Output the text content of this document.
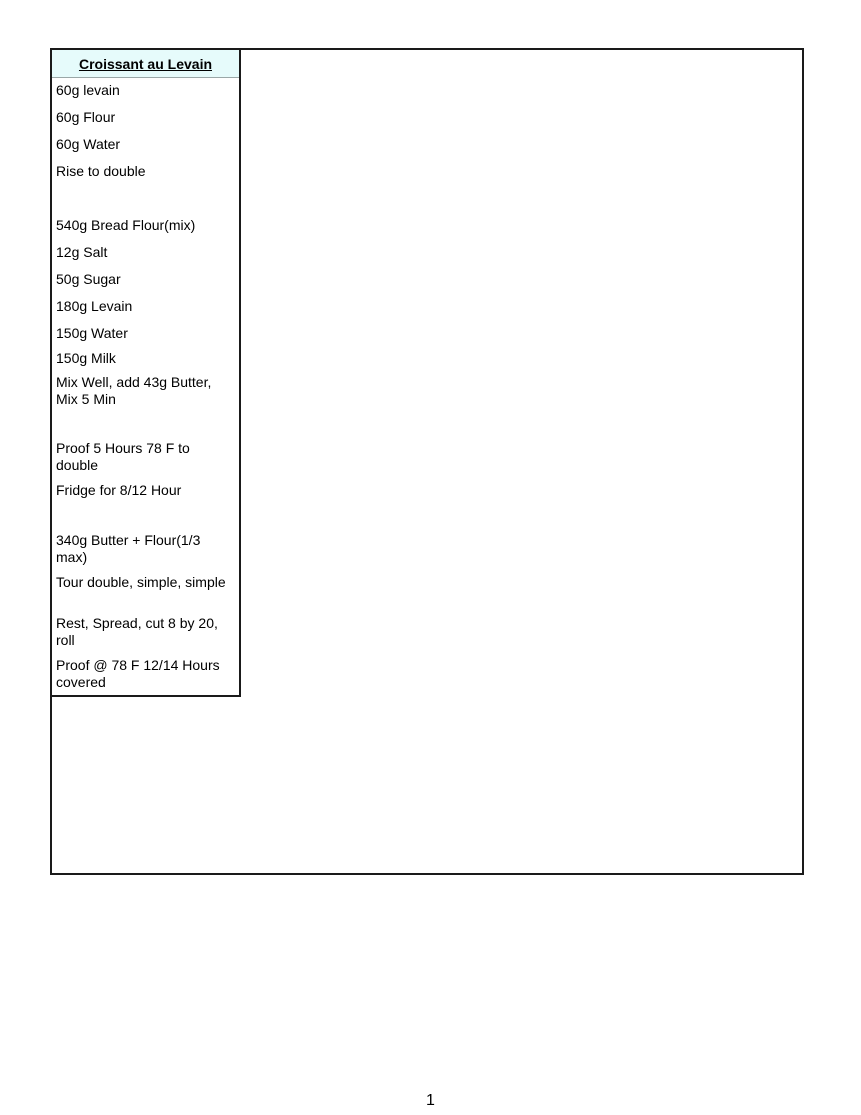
Croissant au Levain
60g levain
60g Flour
60g Water
Rise to double
540g Bread Flour(mix)
12g Salt
50g Sugar
180g Levain
150g Water
150g Milk
Mix Well, add 43g Butter, Mix 5 Min
Proof 5 Hours 78 F to double
Fridge for 8/12 Hour
340g Butter + Flour(1/3 max)
Tour double, simple, simple
Rest, Spread, cut 8 by 20, roll
Proof @ 78 F 12/14 Hours covered
1
